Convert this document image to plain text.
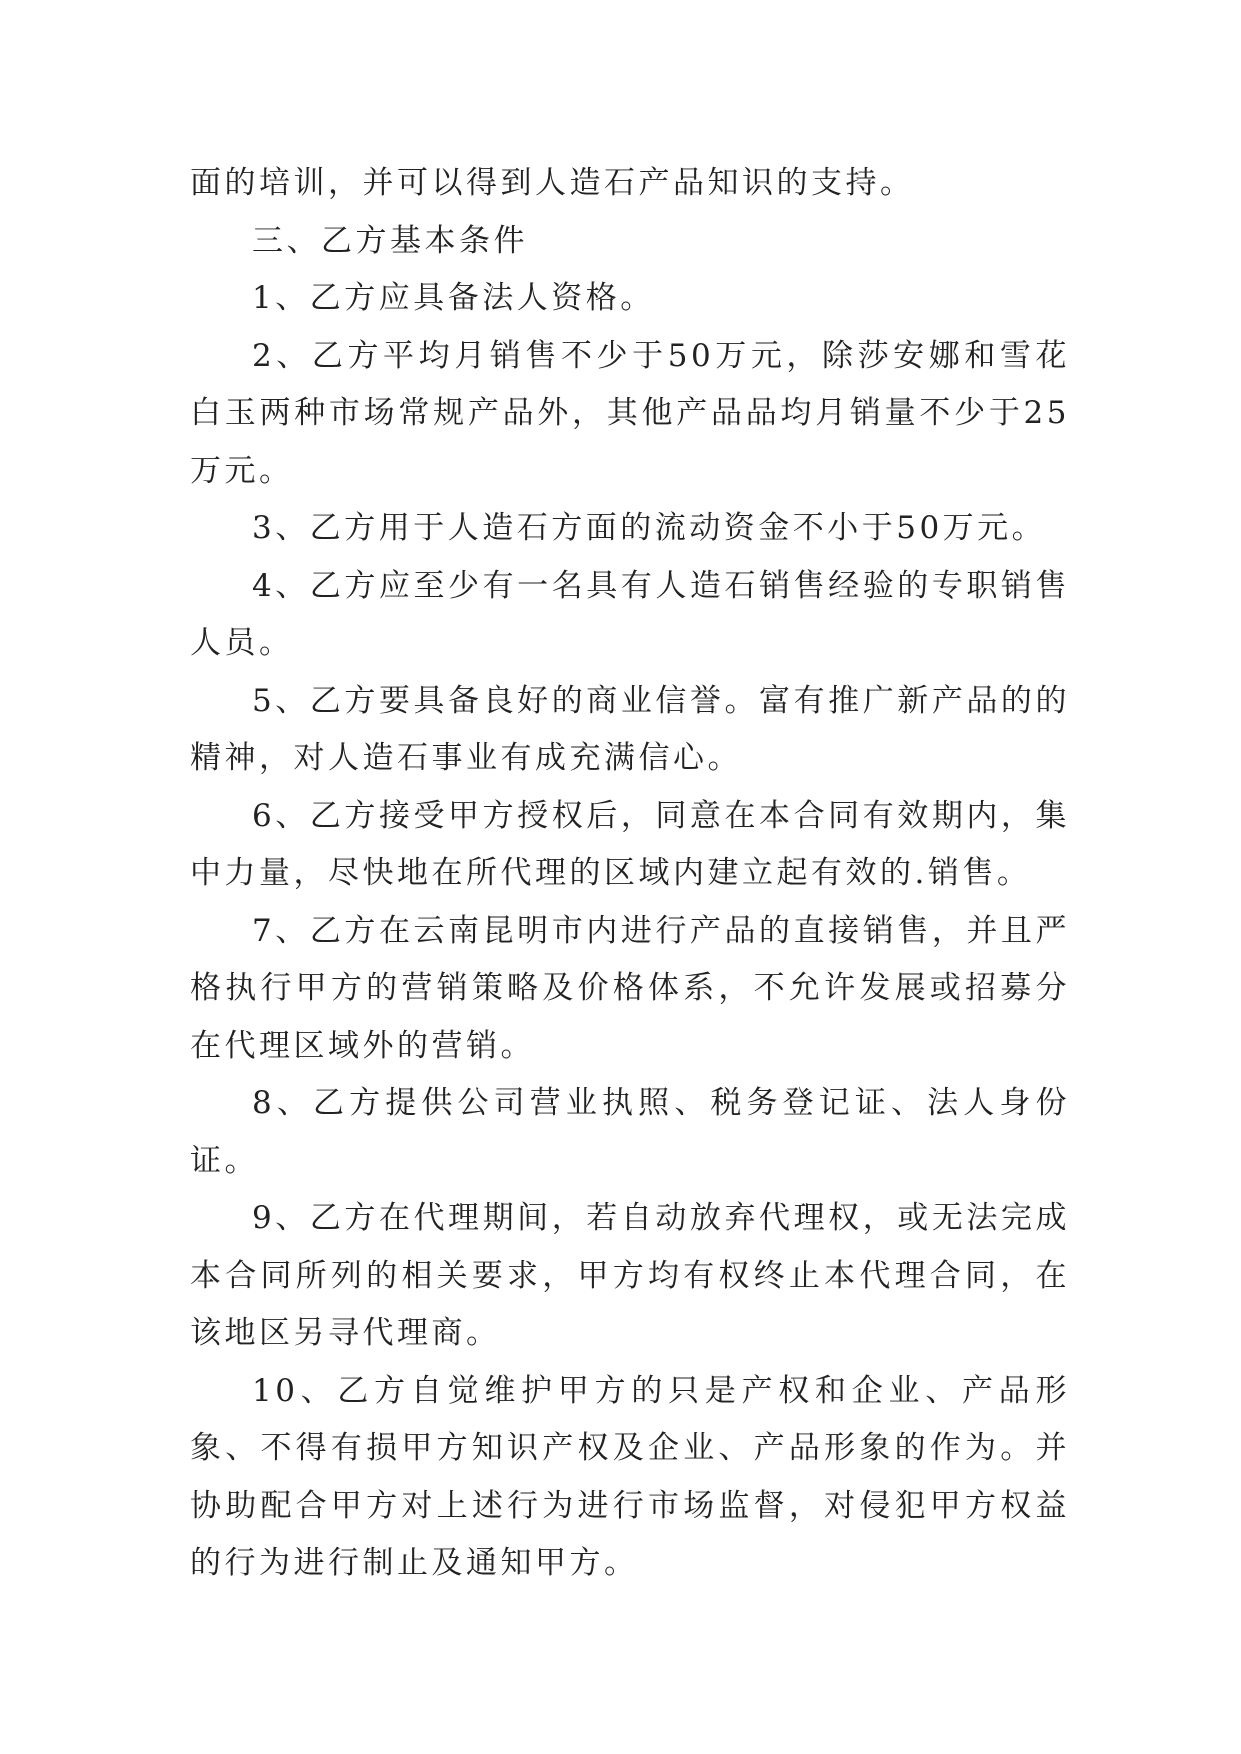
面的培训，并可以得到人造石产品知识的支持。

三、乙方基本条件

1、乙方应具备法人资格。

2、乙方平均月销售不少于50万元，除莎安娜和雪花白玉两种市场常规产品外，其他产品品均月销量不少于25万元。

3、乙方用于人造石方面的流动资金不小于50万元。

4、乙方应至少有一名具有人造石销售经验的专职销售人员。

5、乙方要具备良好的商业信誉。富有推广新产品的的精神，对人造石事业有成充满信心。

6、乙方接受甲方授权后，同意在本合同有效期内，集中力量，尽快地在所代理的区域内建立起有效的.销售。

7、乙方在云南昆明市内进行产品的直接销售，并且严格执行甲方的营销策略及价格体系，不允许发展或招募分在代理区域外的营销。

8、乙方提供公司营业执照、税务登记证、法人身份证。

9、乙方在代理期间，若自动放弃代理权，或无法完成本合同所列的相关要求，甲方均有权终止本代理合同，在该地区另寻代理商。

10、乙方自觉维护甲方的只是产权和企业、产品形象、不得有损甲方知识产权及企业、产品形象的作为。并协助配合甲方对上述行为进行市场监督，对侵犯甲方权益的行为进行制止及通知甲方。
